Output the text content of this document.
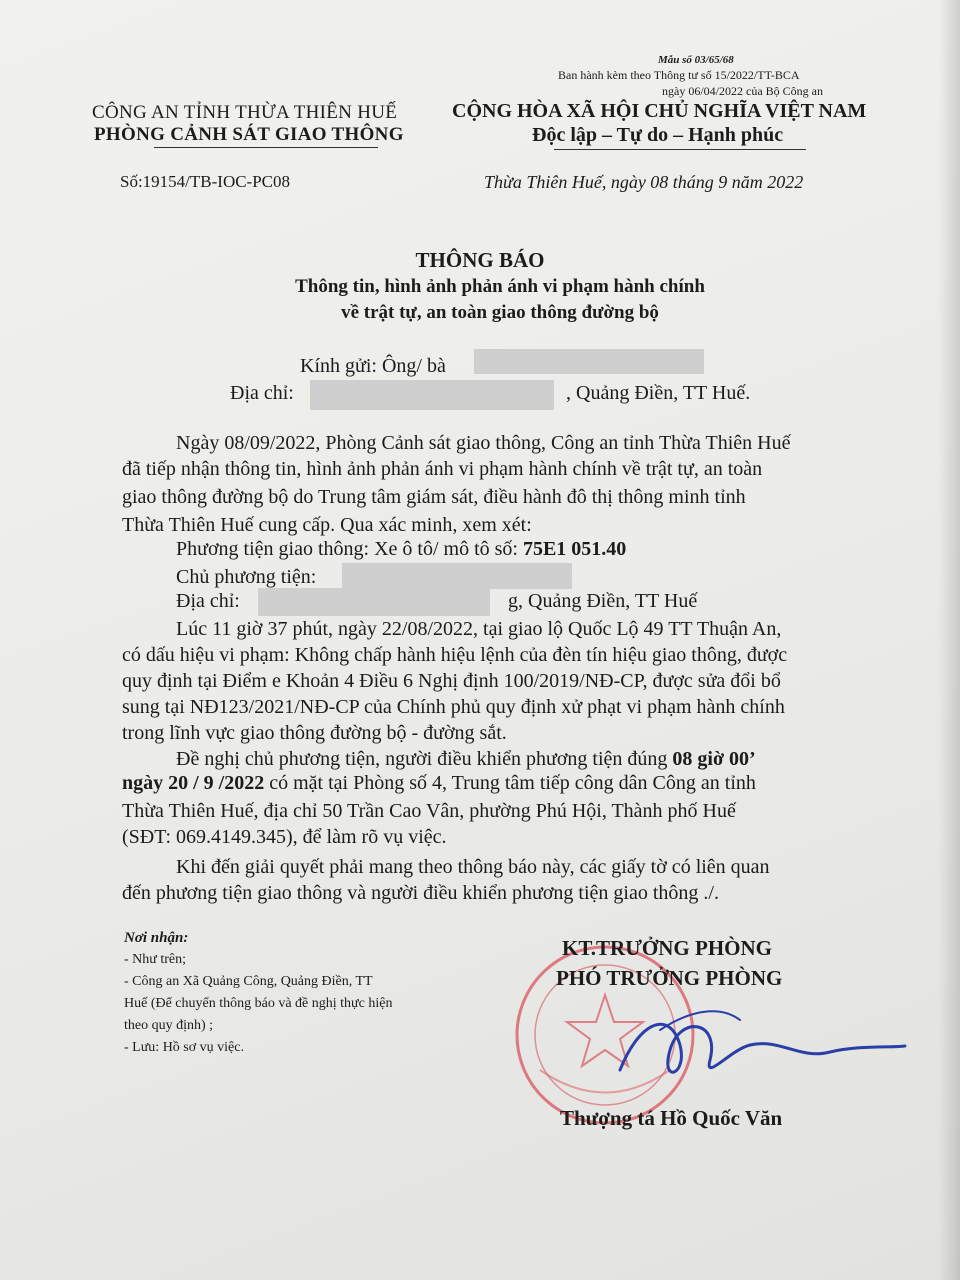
Mẫu số 03/65/68
Ban hành kèm theo Thông tư số 15/2022/TT-BCA
ngày 06/04/2022 của Bộ Công an
CÔNG AN TỈNH THỪA THIÊN HUẾ
PHÒNG CẢNH SÁT GIAO THÔNG
CỘNG HÒA XÃ HỘI CHỦ NGHĨA VIỆT NAM
Độc lập – Tự do – Hạnh phúc
Số:19154/TB-IOC-PC08	Thừa Thiên Huế, ngày 08 tháng 9 năm 2022
THÔNG BÁO
Thông tin, hình ảnh phản ánh vi phạm hành chính
về trật tự, an toàn giao thông đường bộ
Kính gửi: Ông/ bà
Địa chỉ:	, Quảng Điền, TT Huế.
Ngày 08/09/2022, Phòng Cảnh sát giao thông, Công an tỉnh Thừa Thiên Huế
đã tiếp nhận thông tin, hình ảnh phản ánh vi phạm hành chính về trật tự, an toàn
giao thông đường bộ do Trung tâm giám sát, điều hành đô thị thông minh tỉnh
Thừa Thiên Huế cung cấp. Qua xác minh, xem xét:
Phương tiện giao thông: Xe ô tô/ mô tô số: 75E1 051.40
Chủ phương tiện:
Địa chỉ:	g, Quảng Điền, TT Huế
Lúc 11 giờ 37 phút, ngày 22/08/2022, tại giao lộ Quốc Lộ 49 TT Thuận An,
có dấu hiệu vi phạm: Không chấp hành hiệu lệnh của đèn tín hiệu giao thông, được
quy định tại Điểm e Khoản 4 Điều 6 Nghị định 100/2019/NĐ-CP, được sửa đổi bổ
sung tại NĐ123/2021/NĐ-CP của Chính phủ quy định xử phạt vi phạm hành chính
trong lĩnh vực giao thông đường bộ - đường sắt.
Đề nghị chủ phương tiện, người điều khiển phương tiện đúng 08 giờ 00’
ngày 20 / 9 /2022 có mặt tại Phòng số 4, Trung tâm tiếp công dân Công an tỉnh
Thừa Thiên Huế, địa chỉ 50 Trần Cao Vân, phường Phú Hội, Thành phố Huế
(SĐT: 069.4149.345), để làm rõ vụ việc.
Khi đến giải quyết phải mang theo thông báo này, các giấy tờ có liên quan
đến phương tiện giao thông và người điều khiển phương tiện giao thông ./.
Nơi nhận:
- Như trên;
- Công an Xã Quảng Công, Quảng Điền, TT
Huế (Để chuyển thông báo và đề nghị thực hiện
theo quy định) ;
- Lưu: Hồ sơ vụ việc.
KT.TRƯỞNG PHÒNG
PHÓ TRƯỞNG PHÒNG
Thượng tá Hồ Quốc Văn
